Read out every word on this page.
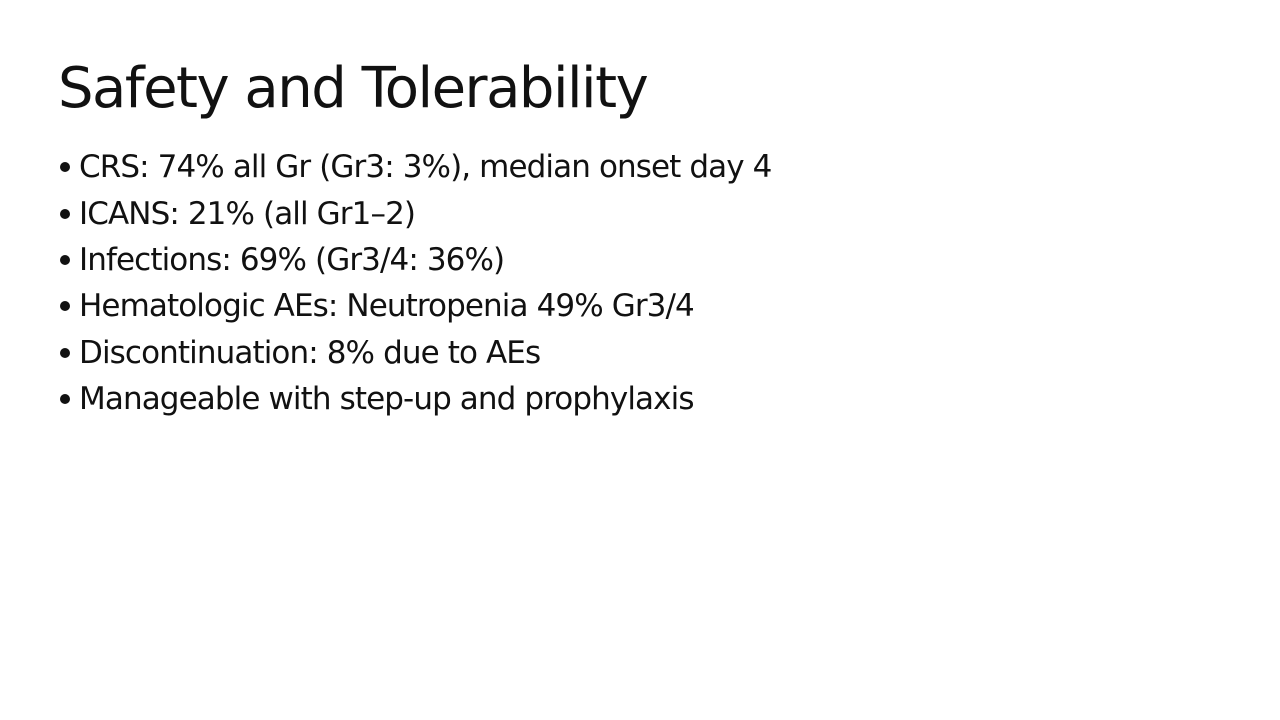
Safety and Tolerability
CRS: 74% all Gr (Gr3: 3%), median onset day 4
ICANS: 21% (all Gr1–2)
Infections: 69% (Gr3/4: 36%)
Hematologic AEs: Neutropenia 49% Gr3/4
Discontinuation: 8% due to AEs
Manageable with step-up and prophylaxis
